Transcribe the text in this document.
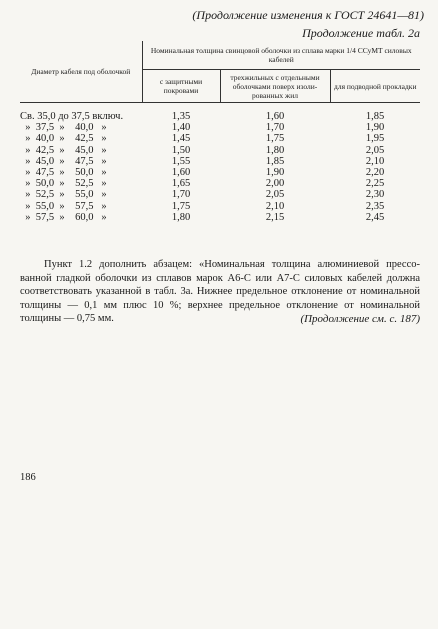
(Продолжение изменения к ГОСТ 24641—81)
Продолжение табл. 2а
Диаметр кабеля под оболочкой	Номинальная толщина свинцовой оболочки из сплава марки 1/4 ССуМТ силовых кабелей		
	с защитными покровами	трехжильных с отдельными оболочками поверх изоли-рованных жил	для подводной прокладки
Св. 35,0 до 37,5 включ.	1,35	1,60	1,85
»  37,5  »    40,0   »	1,40	1,70	1,90
»  40,0  »    42,5   »	1,45	1,75	1,95
»  42,5  »    45,0   »	1,50	1,80	2,05
»  45,0  »    47,5   »	1,55	1,85	2,10
»  47,5  »    50,0   »	1,60	1,90	2,20
»  50,0  »    52,5   »	1,65	2,00	2,25
»  52,5  »    55,0   »	1,70	2,05	2,30
»  55,0  »    57,5   »	1,75	2,10	2,35
»  57,5  »    60,0   »	1,80	2,15	2,45

Пункт 1.2 дополнить абзацем: «Номинальная толщина алюминиевой прессо-ванной гладкой оболочки из сплавов марок А6-С или А7-С силовых кабелей должна соответствовать указанной в табл. 3а. Нижнее предельное отклонение от номинальной толщины — 0,1 мм плюс 10 %; верхнее предельное отклонение от номинальной толщины — 0,75 мм.	(Продолжение см. с. 187)
186
